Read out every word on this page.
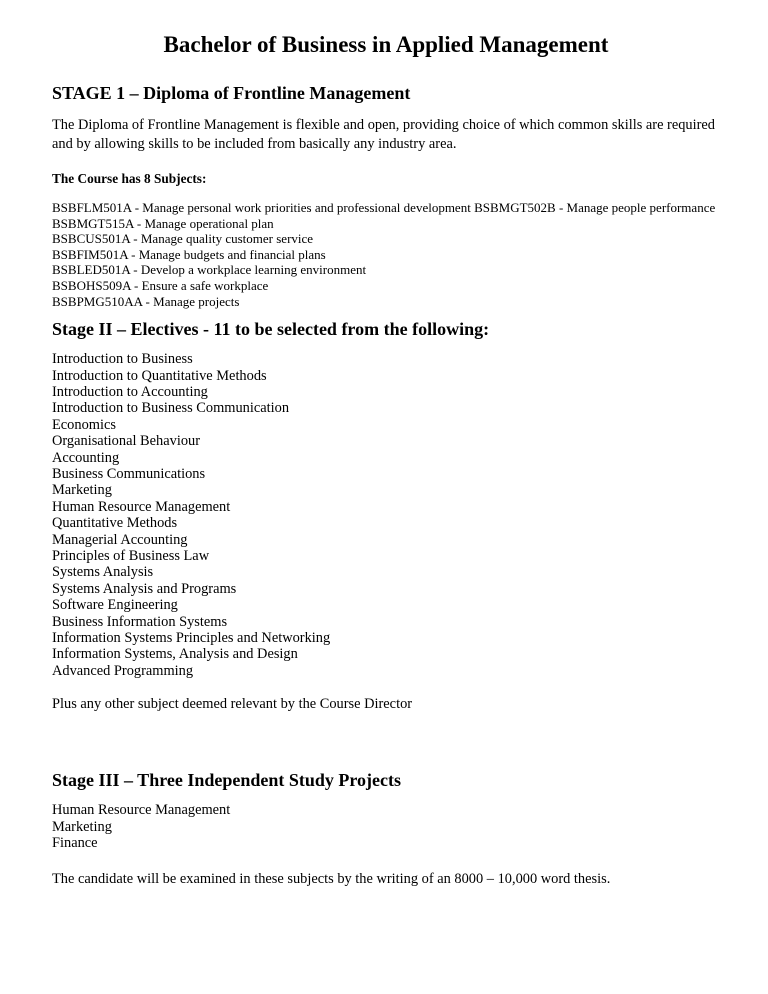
Bachelor of Business in Applied Management
STAGE 1 – Diploma of Frontline Management

The Diploma of Frontline Management is flexible and open, providing choice of which common skills are required and by allowing skills to be included from basically any industry area.

The Course has 8 Subjects:

BSBFLM501A - Manage personal work priorities and professional development BSBMGT502B - Manage people performance
BSBMGT515A - Manage operational plan
BSBCUS501A - Manage quality customer service
BSBFIM501A - Manage budgets and financial plans
BSBLED501A - Develop a workplace learning environment
BSBOHS509A - Ensure a safe workplace
BSBPMG510AA - Manage projects
Stage II – Electives - 11 to be selected from the following:
Introduction to Business
Introduction to Quantitative Methods
Introduction to Accounting
Introduction to Business Communication
Economics
Organisational Behaviour
Accounting
Business Communications
Marketing
Human Resource Management
Quantitative Methods
Managerial Accounting
Principles of Business Law
Systems Analysis
Systems Analysis and Programs
Software Engineering
Business Information Systems
Information Systems Principles and Networking
Information Systems, Analysis and Design
Advanced Programming

Plus any other subject deemed relevant by the Course Director

Stage III – Three Independent Study Projects
Human Resource Management
Marketing
Finance

The candidate will be examined in these subjects by the writing of an 8000 – 10,000 word thesis.
